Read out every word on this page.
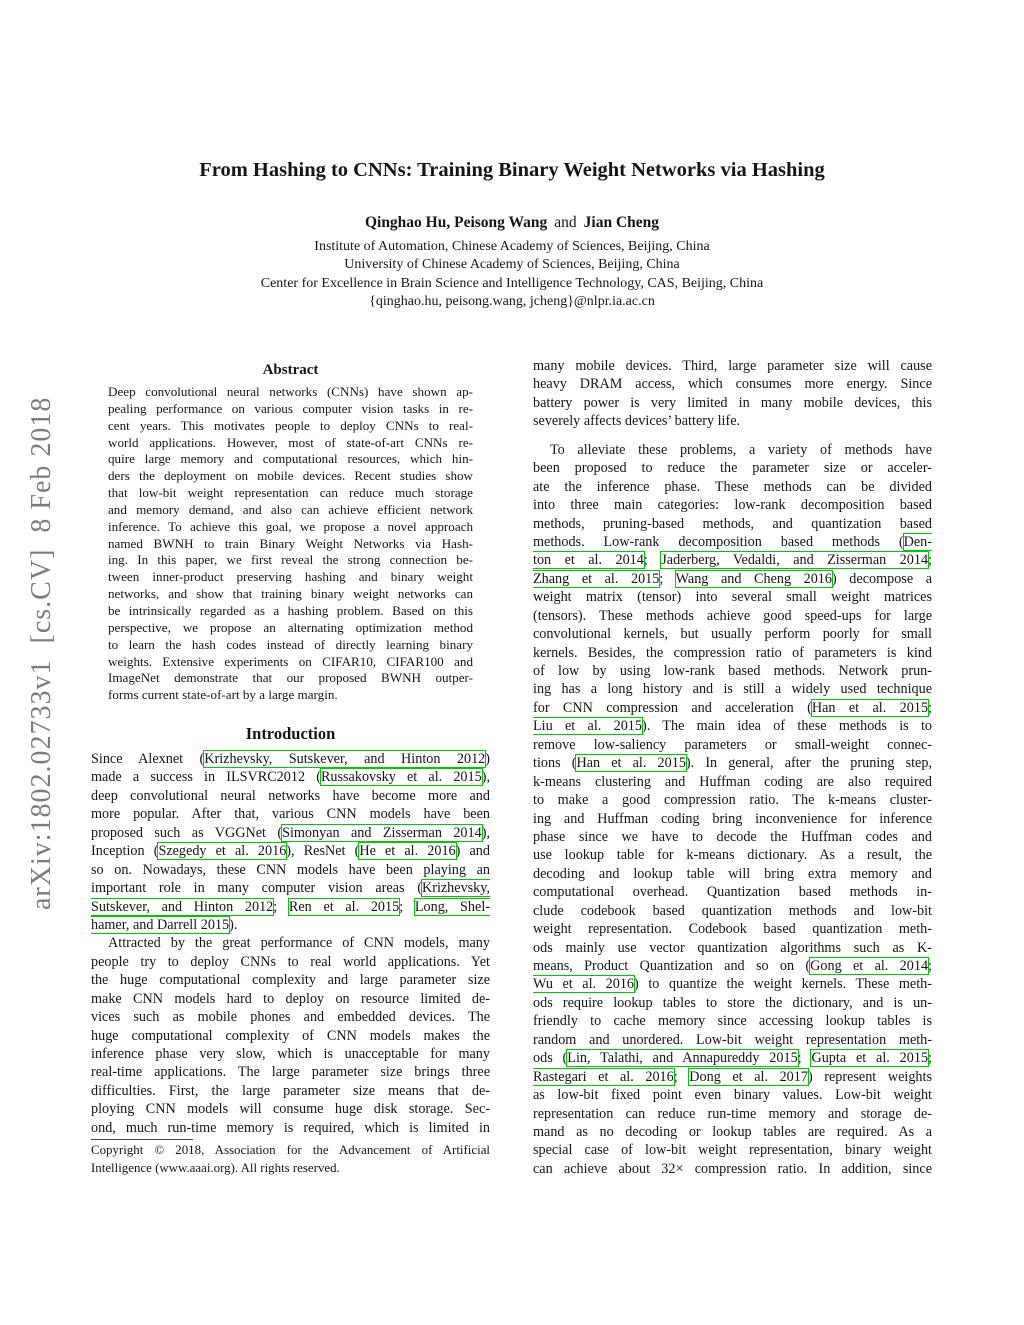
arXiv:1802.02733v1  [cs.CV]  8 Feb 2018
From Hashing to CNNs: Training Binary Weight Networks via Hashing
Qinghao Hu, Peisong Wang and Jian Cheng
Institute of Automation, Chinese Academy of Sciences, Beijing, China
University of Chinese Academy of Sciences, Beijing, China
Center for Excellence in Brain Science and Intelligence Technology, CAS, Beijing, China
{qinghao.hu, peisong.wang, jcheng}@nlpr.ia.ac.cn
Abstract
Deep convolutional neural networks (CNNs) have shown ap-
pealing performance on various computer vision tasks in re-
cent years. This motivates people to deploy CNNs to real-
world applications. However, most of state-of-art CNNs re-
quire large memory and computational resources, which hin-
ders the deployment on mobile devices. Recent studies show
that low-bit weight representation can reduce much storage
and memory demand, and also can achieve efficient network
inference. To achieve this goal, we propose a novel approach
named BWNH to train Binary Weight Networks via Hash-
ing. In this paper, we first reveal the strong connection be-
tween inner-product preserving hashing and binary weight
networks, and show that training binary weight networks can
be intrinsically regarded as a hashing problem. Based on this
perspective, we propose an alternating optimization method
to learn the hash codes instead of directly learning binary
weights. Extensive experiments on CIFAR10, CIFAR100 and
ImageNet demonstrate that our proposed BWNH outper-
forms current state-of-art by a large margin.
Introduction
Since Alexnet (Krizhevsky, Sutskever, and Hinton 2012)
made a success in ILSVRC2012 (Russakovsky et al. 2015),
deep convolutional neural networks have become more and
more popular. After that, various CNN models have been
proposed such as VGGNet (Simonyan and Zisserman 2014),
Inception (Szegedy et al. 2016), ResNet (He et al. 2016) and
so on. Nowadays, these CNN models have been playing an
important role in many computer vision areas (Krizhevsky,
Sutskever, and Hinton 2012; Ren et al. 2015; Long, Shel-
hamer, and Darrell 2015).
Attracted by the great performance of CNN models, many
people try to deploy CNNs to real world applications. Yet
the huge computational complexity and large parameter size
make CNN models hard to deploy on resource limited de-
vices such as mobile phones and embedded devices. The
huge computational complexity of CNN models makes the
inference phase very slow, which is unacceptable for many
real-time applications. The large parameter size brings three
difficulties. First, the large parameter size means that de-
ploying CNN models will consume huge disk storage. Sec-
ond, much run-time memory is required, which is limited in
many mobile devices. Third, large parameter size will cause
heavy DRAM access, which consumes more energy. Since
battery power is very limited in many mobile devices, this
severely affects devices’ battery life.
To alleviate these problems, a variety of methods have
been proposed to reduce the parameter size or acceler-
ate the inference phase. These methods can be divided
into three main categories: low-rank decomposition based
methods, pruning-based methods, and quantization based
methods. Low-rank decomposition based methods (Den-
ton et al. 2014; Jaderberg, Vedaldi, and Zisserman 2014;
Zhang et al. 2015; Wang and Cheng 2016) decompose a
weight matrix (tensor) into several small weight matrices
(tensors). These methods achieve good speed-ups for large
convolutional kernels, but usually perform poorly for small
kernels. Besides, the compression ratio of parameters is kind
of low by using low-rank based methods. Network prun-
ing has a long history and is still a widely used technique
for CNN compression and acceleration (Han et al. 2015;
Liu et al. 2015). The main idea of these methods is to
remove low-saliency parameters or small-weight connec-
tions (Han et al. 2015). In general, after the pruning step,
k-means clustering and Huffman coding are also required
to make a good compression ratio. The k-means cluster-
ing and Huffman coding bring inconvenience for inference
phase since we have to decode the Huffman codes and
use lookup table for k-means dictionary. As a result, the
decoding and lookup table will bring extra memory and
computational overhead. Quantization based methods in-
clude codebook based quantization methods and low-bit
weight representation. Codebook based quantization meth-
ods mainly use vector quantization algorithms such as K-
means, Product Quantization and so on (Gong et al. 2014;
Wu et al. 2016) to quantize the weight kernels. These meth-
ods require lookup tables to store the dictionary, and is un-
friendly to cache memory since accessing lookup tables is
random and unordered. Low-bit weight representation meth-
ods (Lin, Talathi, and Annapureddy 2015; Gupta et al. 2015;
Rastegari et al. 2016; Dong et al. 2017) represent weights
as low-bit fixed point even binary values. Low-bit weight
representation can reduce run-time memory and storage de-
mand as no decoding or lookup tables are required. As a
special case of low-bit weight representation, binary weight
can achieve about 32× compression ratio. In addition, since
Copyright © 2018, Association for the Advancement of Artificial
Intelligence (www.aaai.org). All rights reserved.
